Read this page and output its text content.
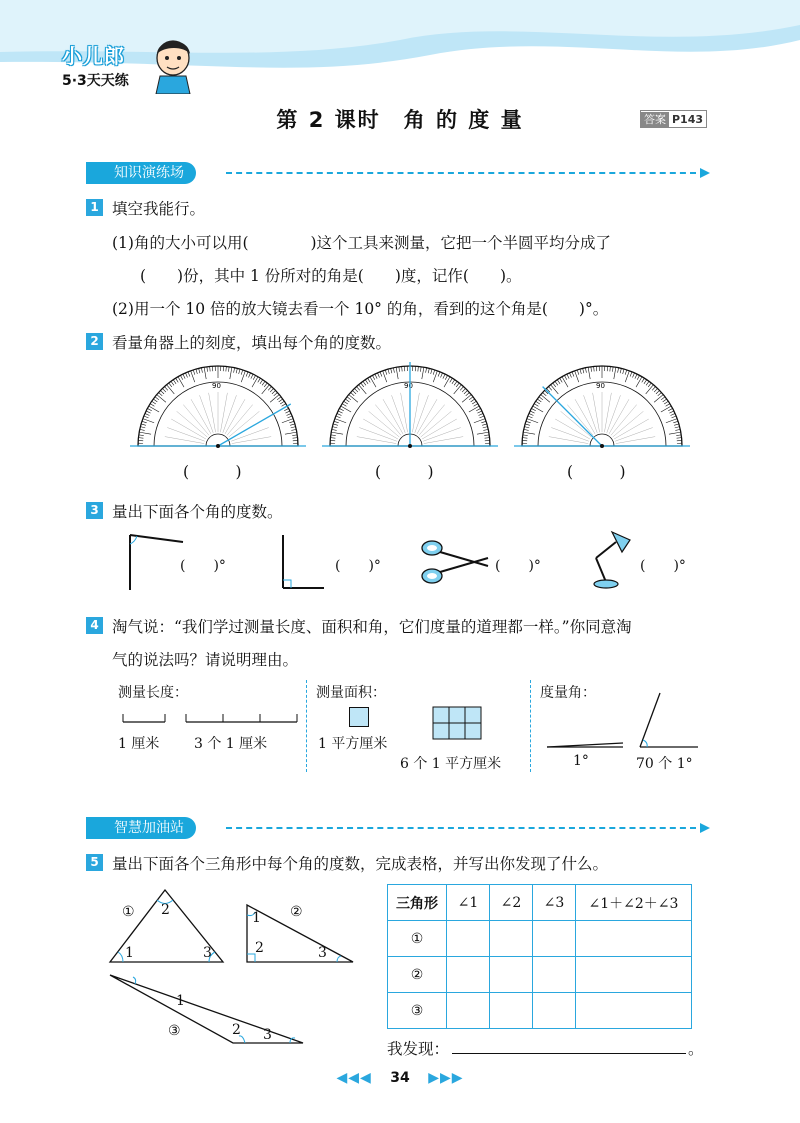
小儿郎
5·3天天练
第 2 课时　角 的 度 量	答案 P143
知识演练场
1 填空我能行。
(1)角的大小可以用(　　　　)这个工具来测量，它把一个半圆平均分成了
(　　)份，其中 1 份所对的角是(　　)度，记作(　　)。
(2)用一个 10 倍的放大镜去看一个 10° 的角，看到的这个角是(　　)°。
2 看量角器上的刻度，填出每个角的度数。
90	90	90
(　　　)	(　　　)	(　　　)
3 量出下面各个角的度数。
(　　)°	(　　)°	(　　)°	(　　)°
4 淘气说：“我们学过测量长度、面积和角，它们度量的道理都一样。”你同意淘
气的说法吗？请说明理由。
测量长度：
1 厘米 3 个 1 厘米
测量面积：
1 平方厘米
6 个 1 平方厘米
度量角：
1°	70 个 1°
智慧加油站
5 量出下面各个三角形中每个角的度数，完成表格，并写出你发现了什么。
① 2
1	3
②
1
2	3
1
③	2 3
三角形	∠1	∠2	∠3	∠1＋∠2＋∠3
①				
②				
③				
我发现：	。
◀◀◀ 34 ▶▶▶
